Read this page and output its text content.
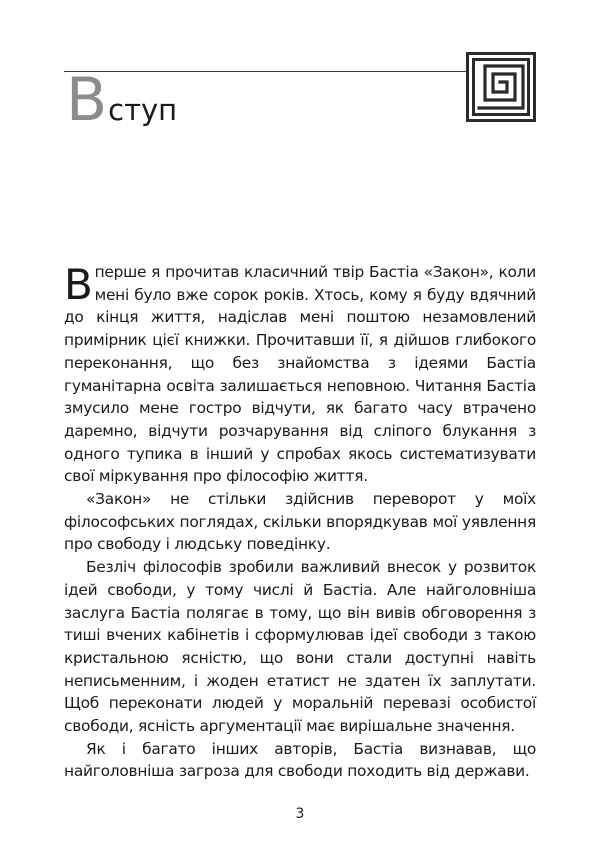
Вступ

Вперше я прочитав класичний твір Бастіа «Закон», коли мені було вже сорок років. Хтось, кому я буду вдячний до кінця життя, надіслав мені поштою незамовлений примірник цієї книжки. Прочитавши її, я дійшов глибокого переконання, що без знайомства з ідеями Бастіа гуманітарна освіта залишається неповною. Читання Бастіа змусило мене гостро відчути, як багато часу втрачено даремно, відчути розчарування від сліпого блукання з одного тупика в інший у спробах якось систематизувати свої міркування про філософію життя.

«Закон» не стільки здійснив переворот у моїх філософських поглядах, скільки впорядкував мої уявлення про свободу і людську поведінку.

Безліч філософів зробили важливий внесок у розвиток ідей свободи, у тому числі й Бастіа. Але найголовніша заслуга Бастіа полягає в тому, що він вивів обговорення з тиші вчених кабінетів і сформулював ідеї свободи з такою кристальною ясністю, що вони стали доступні навіть неписьменним, і жоден етатист не здатен їх заплутати. Щоб переконати людей у моральній перевазі особистої свободи, ясність аргументації має вирішальне значення.

Як і багато інших авторів, Бастіа визнавав, що найголовніша загроза для свободи походить від держави.

3
